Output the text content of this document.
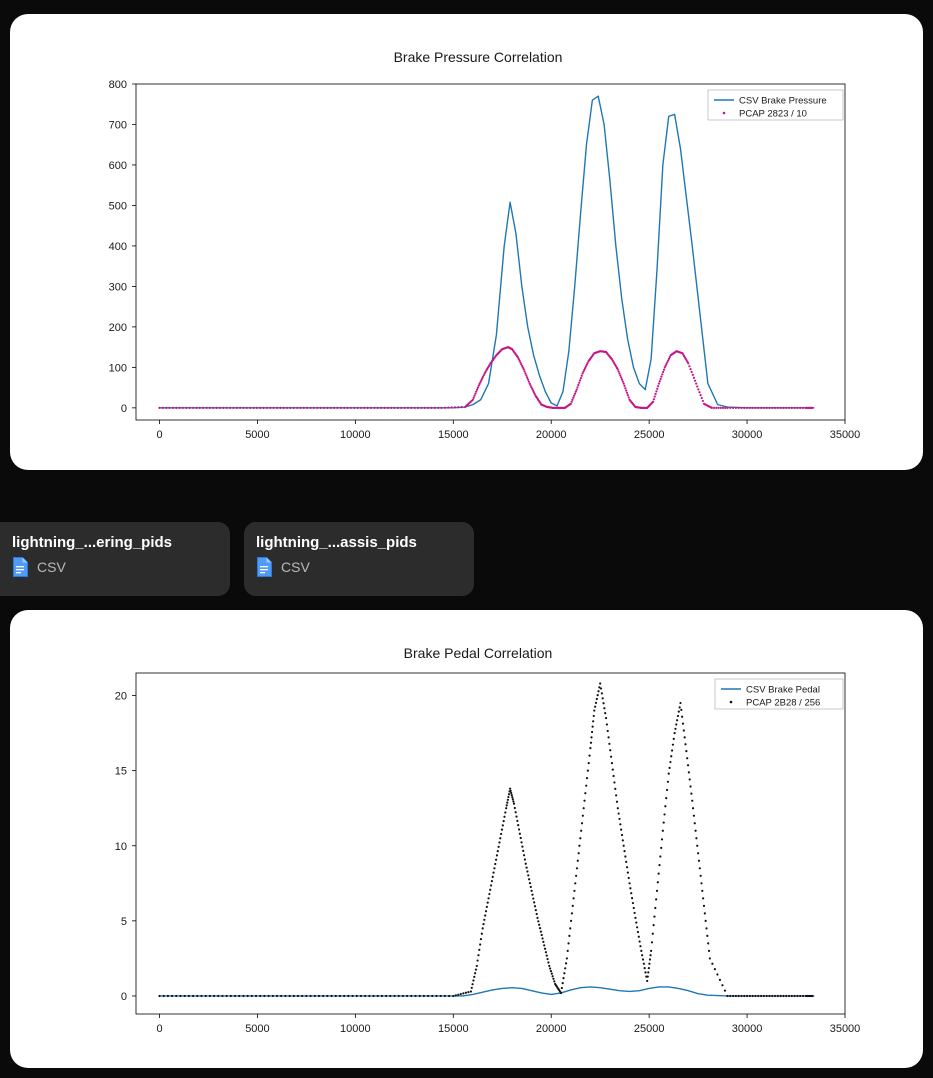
Brake Pressure Correlation
0	5000	10000	15000	20000	25000	30000	35000
0
100
200
300
400
500
600
700
800
CSV Brake Pressure
PCAP 2823 / 10
lightning_...ering_pids
CSV
lightning_...assis_pids
CSV
Brake Pedal Correlation
0	5000	10000	15000	20000	25000	30000	35000
0
5
10
15
20
CSV Brake Pedal
PCAP 2B28 / 256
